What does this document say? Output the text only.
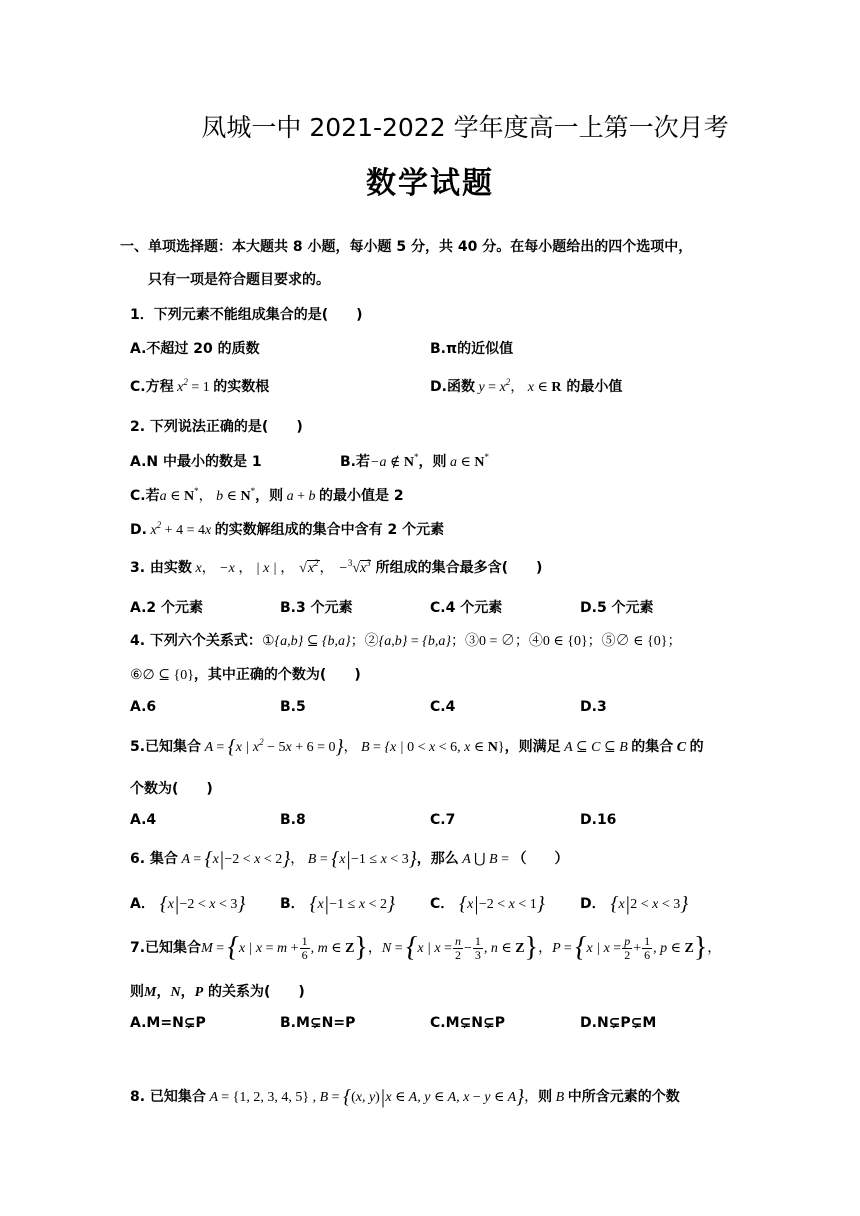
凤城一中 2021-2022 学年度高一上第一次月考
数学试题
一、单项选择题：本大题共 8 小题，每小题 5 分，共 40 分。在每小题给出的四个选项中，
只有一项是符合题目要求的。
1．下列元素不能组成集合的是(　　)
A.不超过 20 的质数	B.π的近似值
C.方程 $x^2 = 1$ 的实数根	D.函数 $y = x^2$， x ∈ R 的最小值
2. 下列说法正确的是(　　)
A.N 中最小的数是 1	B.若−a ∉ N*，则 a ∈ N*
C.若a ∈ N*， b ∈ N*，则 a + b 的最小值是 2
D. $x^2 + 4 = 4x$ 的实数解组成的集合中含有 2 个元素
3. 由实数 x， −x ， | x | ， $√x^2$， $-^3√x^3$ 所组成的集合最多含(　　)
A.2 个元素	B.3 个元素	C.4 个元素	D.5 个元素
4. 下列六个关系式：①{a,b} ⊆ {b,a}；②{a,b} = {b,a}；③0 = ∅；④0 ∈ {0}；⑤∅ ∈ {0}；
⑥∅ ⊆ {0}，其中正确的个数为(　　)
A.6	B.5	C.4	D.3
5.已知集合 A = {x | $x^2 - 5x + 6 = 0$}， B = {x | 0 < x < 6, x ∈ N}，则满足 A ⊆ C ⊆ B 的集合 C 的
个数为(　　)
A.4	B.8	C.7	D.16
6. 集合 A = {x|−2 < x < 2}， B = {x|−1 ≤ x < 3}，那么 A ⋃ B = （　　）
A． {x|−2 < x < 3} B． {x|−1 ≤ x < 2}	C． {x|−2 < x < 1}	D． {x|2 < x < 3}
7.已知集合M = {x | $x = m + \frac{1}{6}$ , m ∈ Z}，N = {x | $x = \frac{n}{2} - \frac{1}{3}$ , n ∈ Z}，P = {x | $x = \frac{p}{2} + \frac{1}{6}$ , p ∈ Z}，
则M，N，P 的关系为(　　)
A.M=N⊊P	B.M⊊N=P	C.M⊊N⊊P	D.N⊊P⊊M
8. 已知集合 A = {1, 2, 3, 4, 5} , B = {(x, y)|x ∈ A, y ∈ A, x − y ∈ A}，则 B 中所含元素的个数
